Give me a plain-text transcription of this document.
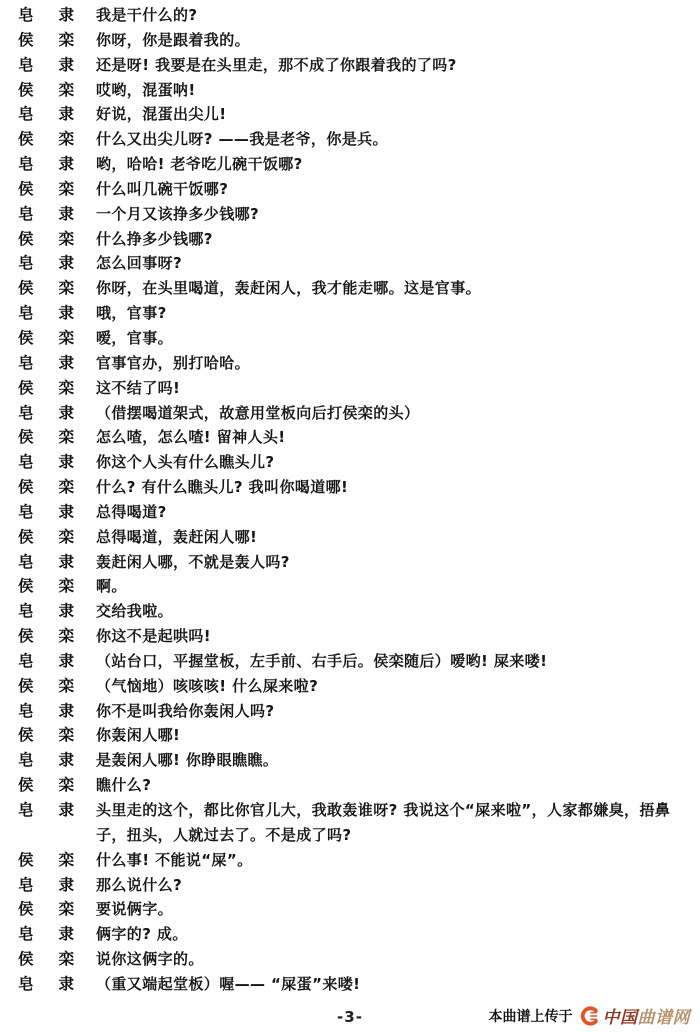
皂 隶 我是干什么的?
侯 栾 你呀，你是跟着我的。
皂 隶 还是呀! 我要是在头里走，那不成了你跟着我的了吗?
侯 栾 哎哟，混蛋呐!
皂 隶 好说，混蛋出尖儿!
侯 栾 什么又出尖儿呀? ——我是老爷，你是兵。
皂 隶 哟，哈哈! 老爷吃儿碗干饭哪?
侯 栾 什么叫几碗干饭哪?
皂 隶 一个月又该挣多少钱哪?
侯 栾 什么挣多少钱哪?
皂 隶 怎么回事呀?
侯 栾 你呀，在头里喝道，轰赶闲人，我才能走哪。这是官事。
皂 隶 哦，官事?
侯 栾 嗳，官事。
皂 隶 官事官办，别打哈哈。
侯 栾 这不结了吗!
皂 隶 （借摆喝道架式，故意用堂板向后打侯栾的头）
侯 栾 怎么喳，怎么喳! 留神人头!
皂 隶 你这个人头有什么瞧头儿?
侯 栾 什么? 有什么瞧头儿? 我叫你喝道哪!
皂 隶 总得喝道?
侯 栾 总得喝道，轰赶闲人哪!
皂 隶 轰赶闲人哪，不就是轰人吗?
侯 栾 啊。
皂 隶 交给我啦。
侯 栾 你这不是起哄吗!
皂 隶 （站台口，平握堂板，左手前、右手后。侯栾随后）嗳哟! 屎来喽!
侯 栾 （气恼地）咳咳咳! 什么屎来啦?
皂 隶 你不是叫我给你轰闲人吗?
侯 栾 你轰闲人哪!
皂 隶 是轰闲人哪! 你睁眼瞧瞧。
侯 栾 瞧什么?
皂 隶 头里走的这个，都比你官儿大，我敢轰谁呀? 我说这个“屎来啦”，人家都嫌臭，捂鼻子，扭头，人就过去了。不是成了吗?
侯 栾 什么事! 不能说“屎”。
皂 隶 那么说什么?
侯 栾 要说俩字。
皂 隶 俩字的? 成。
侯 栾 说你这俩字的。
皂 隶 （重又端起堂板）喔—— “屎蛋”来喽!
-3-	本曲谱上传于 中国曲谱网
